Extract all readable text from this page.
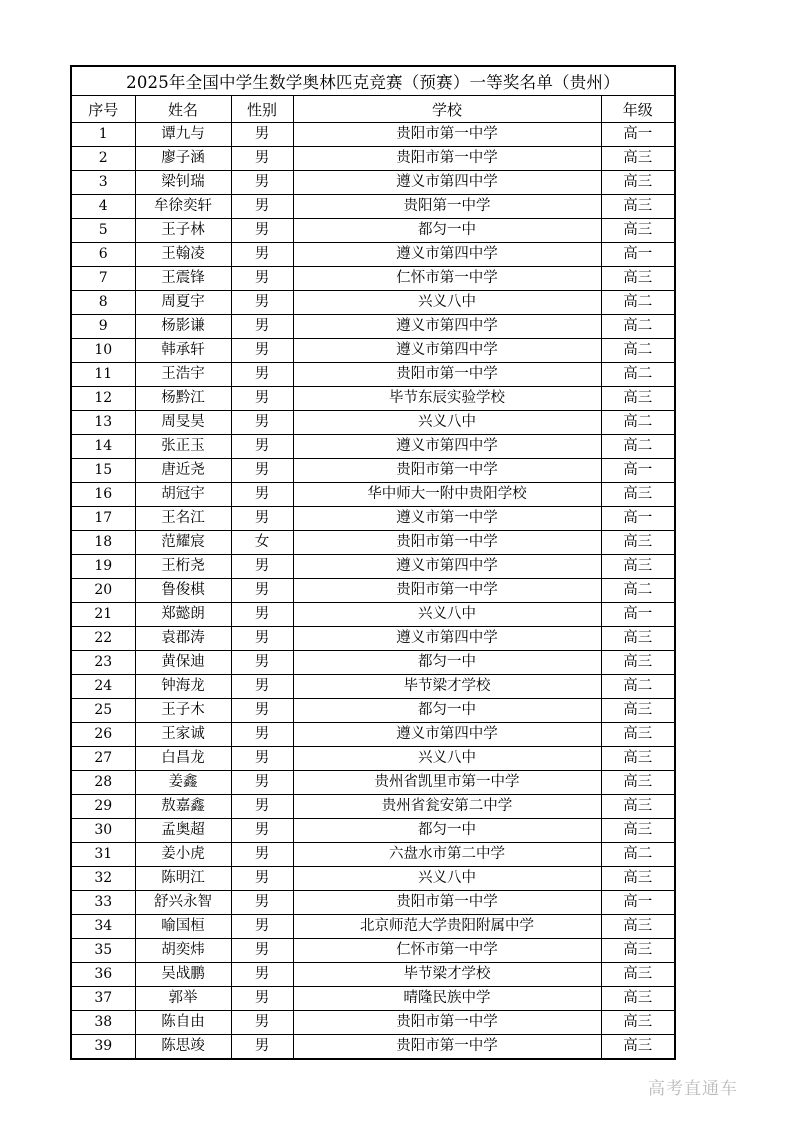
2025年全国中学生数学奥林匹克竞赛（预赛）一等奖名单（贵州）				
序号	姓名	性别	学校	年级
1	谭九与	男	贵阳市第一中学	高一
2	廖子涵	男	贵阳市第一中学	高三
3	梁钊瑞	男	遵义市第四中学	高三
4	牟徐奕轩	男	贵阳第一中学	高三
5	王子林	男	都匀一中	高三
6	王翰凌	男	遵义市第四中学	高一
7	王震锋	男	仁怀市第一中学	高三
8	周夏宇	男	兴义八中	高二
9	杨影谦	男	遵义市第四中学	高二
10	韩承轩	男	遵义市第四中学	高二
11	王浩宇	男	贵阳市第一中学	高二
12	杨黔江	男	毕节东辰实验学校	高三
13	周旻昊	男	兴义八中	高二
14	张正玉	男	遵义市第四中学	高二
15	唐近尧	男	贵阳市第一中学	高一
16	胡冠宇	男	华中师大一附中贵阳学校	高三
17	王名江	男	遵义市第一中学	高一
18	范耀宸	女	贵阳市第一中学	高三
19	王桁尧	男	遵义市第四中学	高三
20	鲁俊棋	男	贵阳市第一中学	高二
21	郑懿朗	男	兴义八中	高一
22	袁郡涛	男	遵义市第四中学	高三
23	黄保迪	男	都匀一中	高三
24	钟海龙	男	毕节梁才学校	高二
25	王子木	男	都匀一中	高三
26	王家诚	男	遵义市第四中学	高三
27	白昌龙	男	兴义八中	高三
28	姜鑫	男	贵州省凯里市第一中学	高三
29	敖嘉鑫	男	贵州省瓮安第二中学	高三
30	孟奥超	男	都匀一中	高三
31	姜小虎	男	六盘水市第二中学	高二
32	陈明江	男	兴义八中	高三
33	舒兴永智	男	贵阳市第一中学	高一
34	喻国桓	男	北京师范大学贵阳附属中学	高三
35	胡奕炜	男	仁怀市第一中学	高三
36	吴战鹏	男	毕节梁才学校	高三
37	郭举	男	晴隆民族中学	高三
38	陈自由	男	贵阳市第一中学	高三
39	陈思竣	男	贵阳市第一中学	高三
高考直通车
